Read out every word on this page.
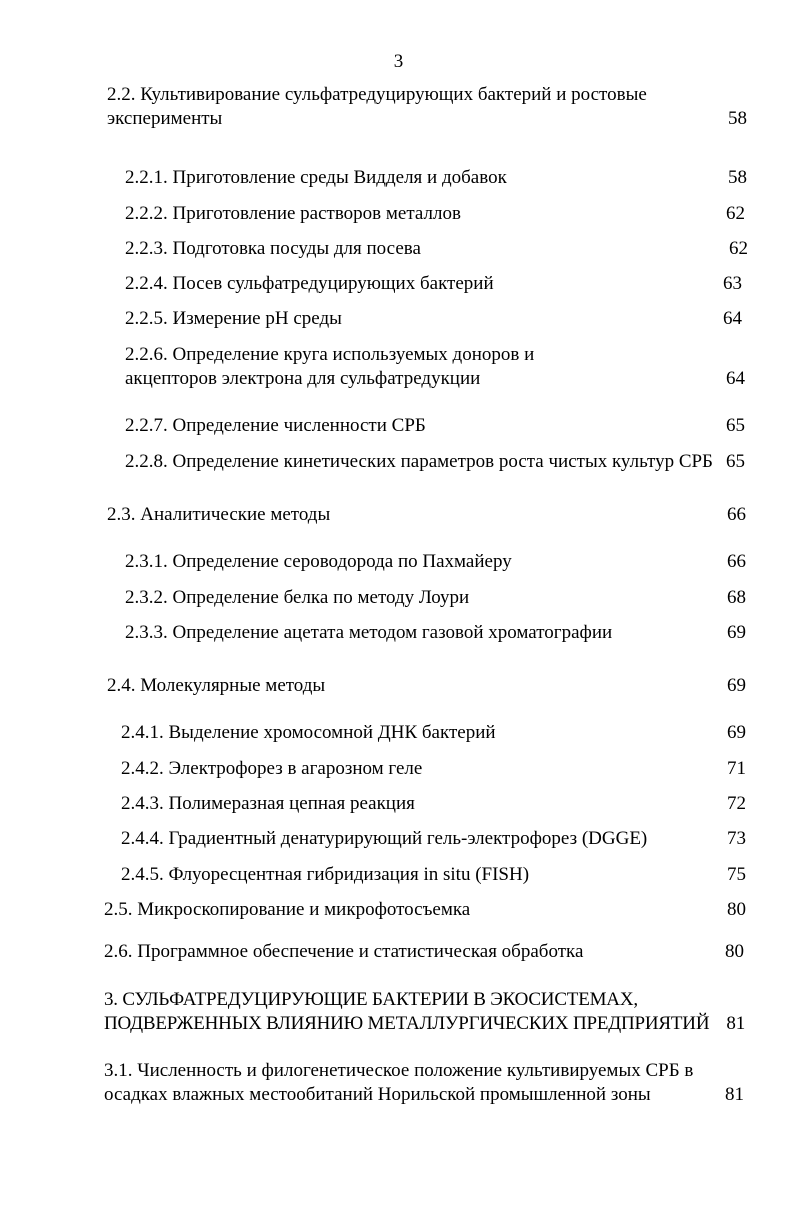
3
2.2. Культивирование сульфатредуцирующих бактерий и ростовые
эксперименты	58
2.2.1. Приготовление среды Видделя и добавок	58
2.2.2. Приготовление растворов металлов	62
2.2.3. Подготовка посуды для посева	62
2.2.4. Посев сульфатредуцирующих бактерий	63
2.2.5. Измерение рН среды	64
2.2.6. Определение круга используемых доноров и
акцепторов электрона для сульфатредукции	64
2.2.7. Определение численности СРБ	65
2.2.8. Определение кинетических параметров роста чистых культур СРБ 65
2.3. Аналитические методы	66
2.3.1. Определение сероводорода по Пахмайеру	66
2.3.2. Определение белка по методу Лоури	68
2.3.3. Определение ацетата методом газовой хроматографии	69
2.4. Молекулярные методы	69
2.4.1. Выделение хромосомной ДНК бактерий	69
2.4.2. Электрофорез в агарозном геле	71
2.4.3. Полимеразная цепная реакция	72
2.4.4. Градиентный денатурирующий гель-электрофорез (DGGE)	73
2.4.5. Флуоресцентная гибридизация in situ (FISH)	75
2.5. Микроскопирование и микрофотосъемка	80
2.6. Программное обеспечение и статистическая обработка	80
3. СУЛЬФАТРЕДУЦИРУЮЩИЕ БАКТЕРИИ В ЭКОСИСТЕМАХ,
ПОДВЕРЖЕННЫХ ВЛИЯНИЮ МЕТАЛЛУРГИЧЕСКИХ ПРЕДПРИЯТИЙ 81
3.1. Численность и филогенетическое положение культивируемых СРБ в
осадках влажных местообитаний Норильской промышленной зоны	81
